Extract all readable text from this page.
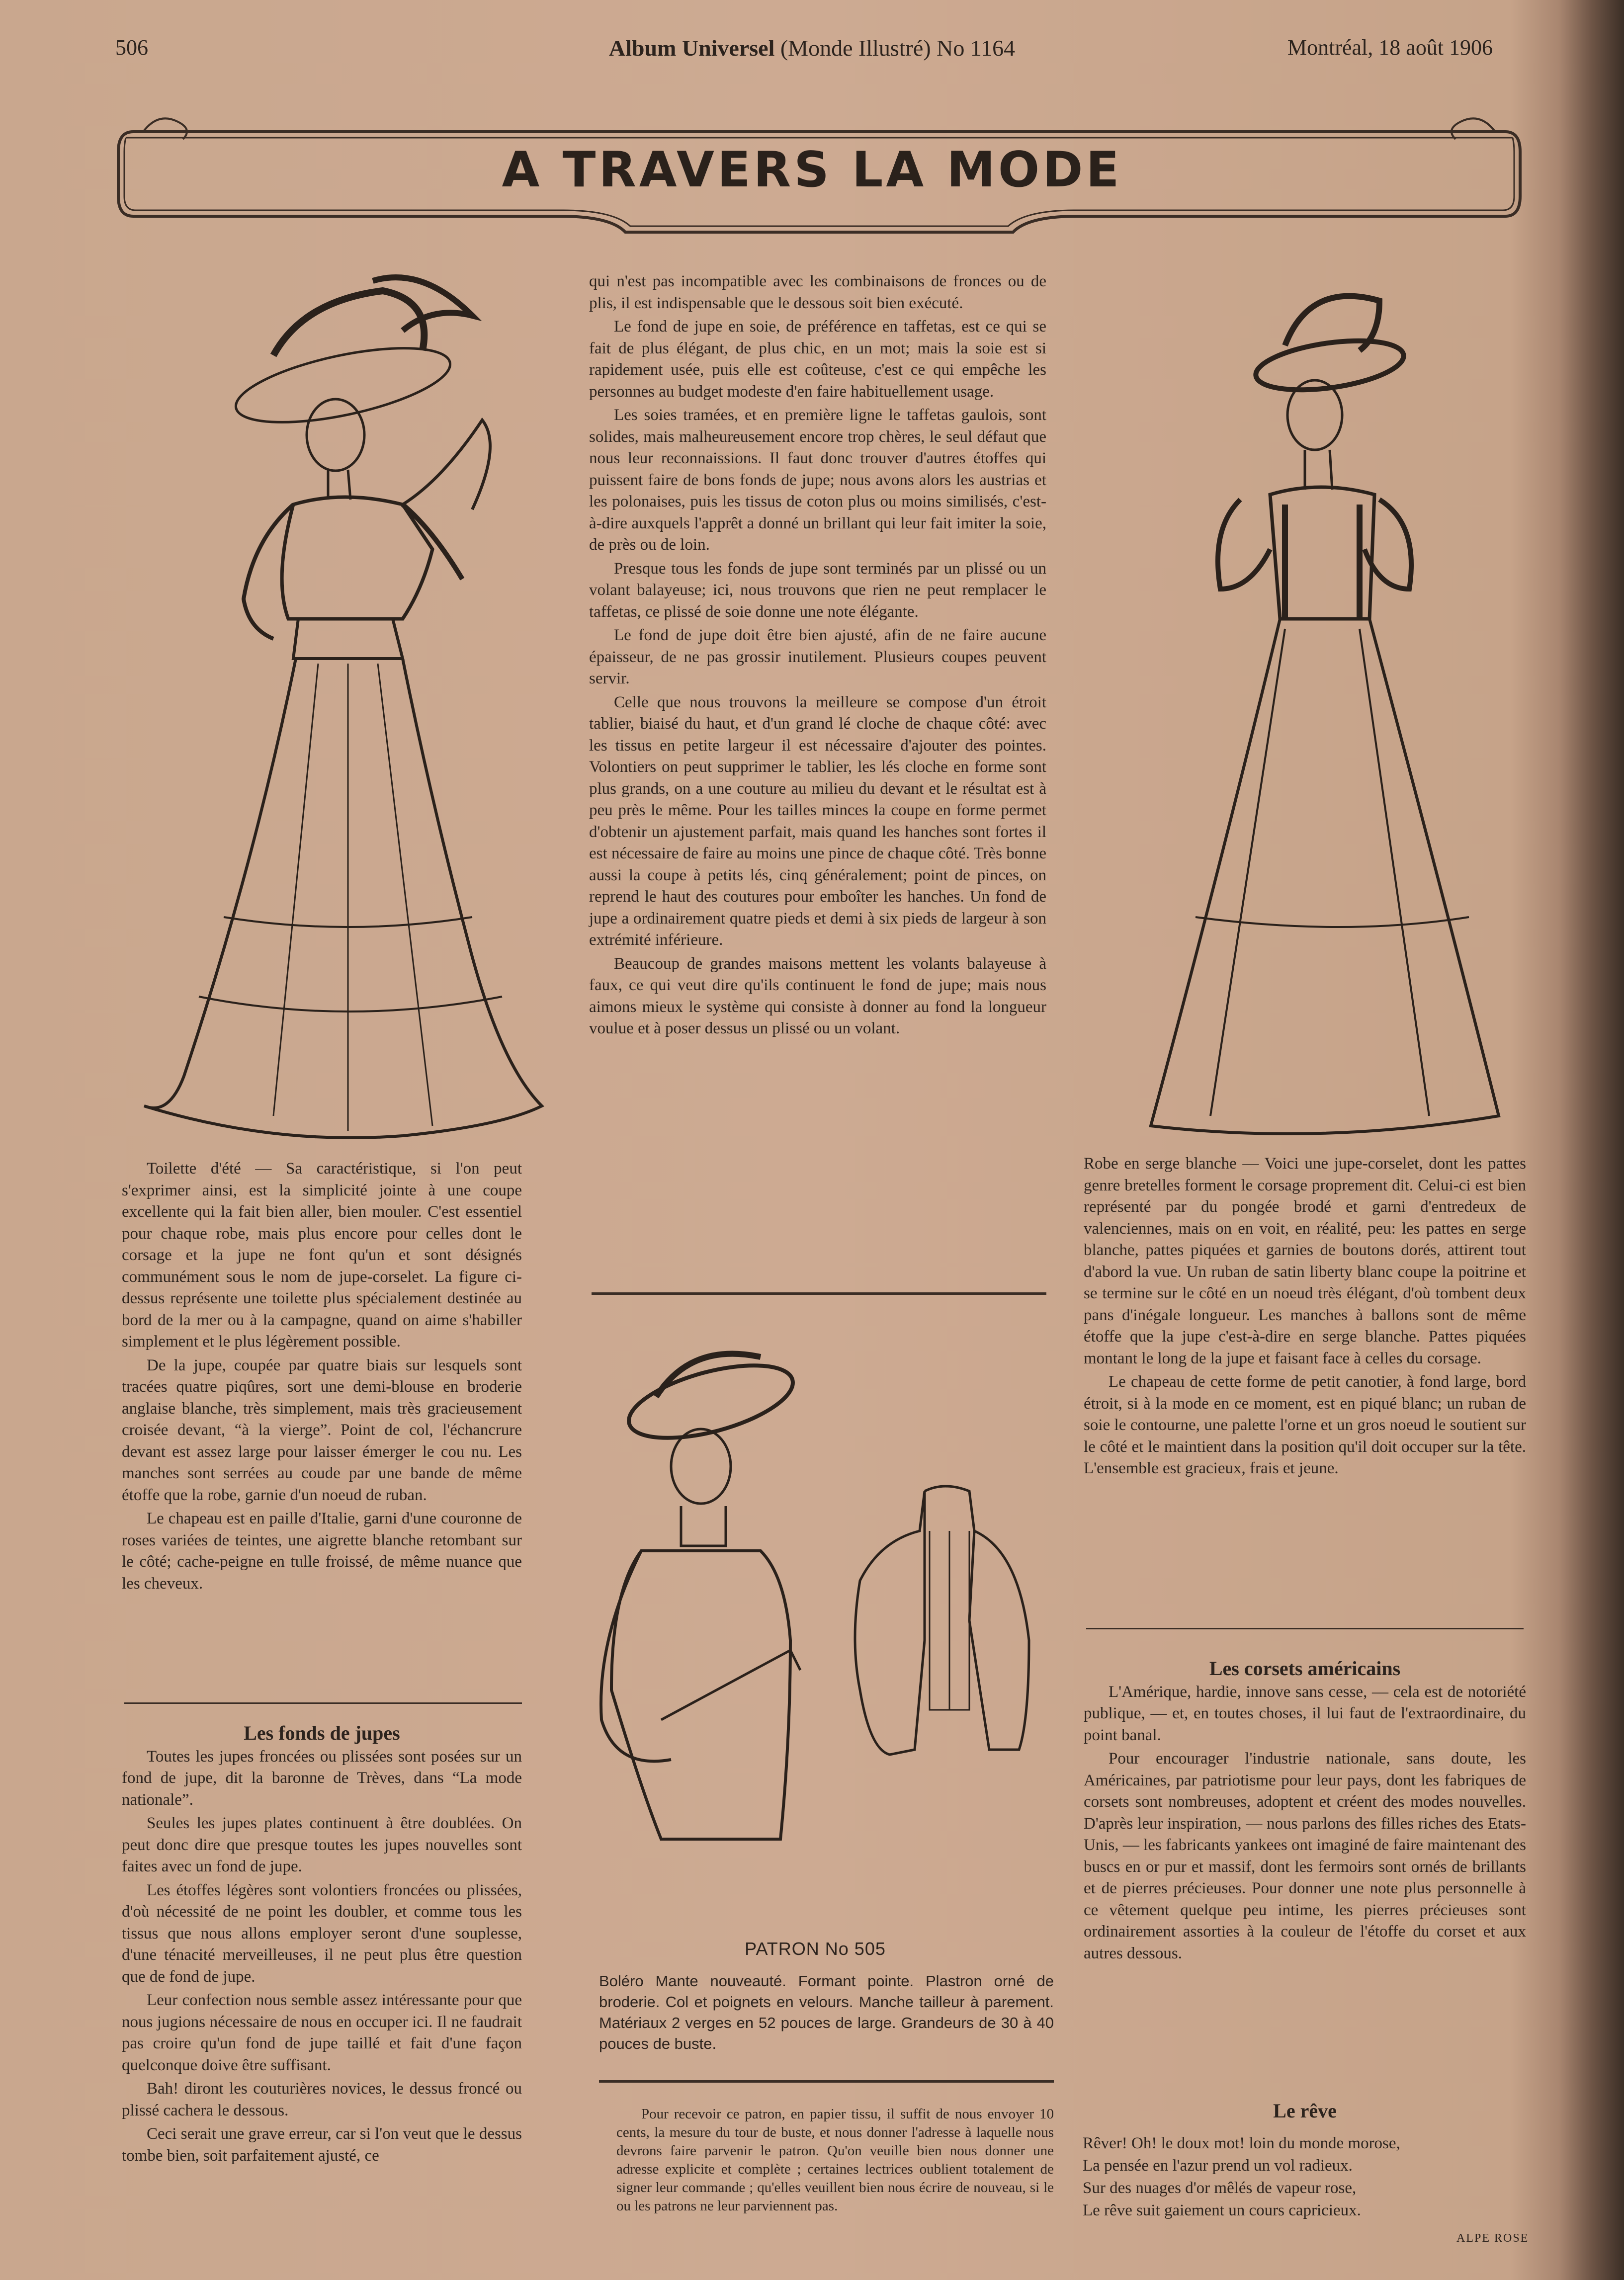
506	Album Universel (Monde Illustré) No 1164	Montréal, 18 août 1906
A TRAVERS LA MODE

Toilette d'été — Sa caractéristique, si l'on peut s'exprimer ainsi, est la simplicité jointe à une coupe excellente qui la fait bien aller, bien mouler. C'est essentiel pour chaque robe, mais plus encore pour celles dont le corsage et la jupe ne font qu'un et sont désignés communément sous le nom de jupe-corselet. La figure ci-dessus représente une toilette plus spécialement destinée au bord de la mer ou à la campagne, quand on aime s'habiller simplement et le plus légèrement possible.

De la jupe, coupée par quatre biais sur lesquels sont tracées quatre piqûres, sort une demi-blouse en broderie anglaise blanche, très simplement, mais très gracieusement croisée devant, “à la vierge”. Point de col, l'échancrure devant est assez large pour laisser émerger le cou nu. Les manches sont serrées au coude par une bande de même étoffe que la robe, garnie d'un noeud de ruban.

Le chapeau est en paille d'Italie, garni d'une couronne de roses variées de teintes, une aigrette blanche retombant sur le côté; cache-peigne en tulle froissé, de même nuance que les cheveux.

Les fonds de jupes

Toutes les jupes froncées ou plissées sont posées sur un fond de jupe, dit la baronne de Trèves, dans “La mode nationale”.

Seules les jupes plates continuent à être doublées. On peut donc dire que presque toutes les jupes nouvelles sont faites avec un fond de jupe.

Les étoffes légères sont volontiers froncées ou plissées, d'où nécessité de ne point les doubler, et comme tous les tissus que nous allons employer seront d'une souplesse, d'une ténacité merveilleuses, il ne peut plus être question que de fond de jupe.

Leur confection nous semble assez intéressante pour que nous jugions nécessaire de nous en occuper ici. Il ne faudrait pas croire qu'un fond de jupe taillé et fait d'une façon quelconque doive être suffisant.

Bah! diront les couturières novices, le dessus froncé ou plissé cachera le dessous.

Ceci serait une grave erreur, car si l'on veut que le dessus tombe bien, soit parfaitement ajusté, ce

qui n'est pas incompatible avec les combinaisons de fronces ou de plis, il est indispensable que le dessous soit bien exécuté.

Le fond de jupe en soie, de préférence en taffetas, est ce qui se fait de plus élégant, de plus chic, en un mot; mais la soie est si rapidement usée, puis elle est coûteuse, c'est ce qui empêche les personnes au budget modeste d'en faire habituellement usage.

Les soies tramées, et en première ligne le taffetas gaulois, sont solides, mais malheureusement encore trop chères, le seul défaut que nous leur reconnaissions. Il faut donc trouver d'autres étoffes qui puissent faire de bons fonds de jupe; nous avons alors les austrias et les polonaises, puis les tissus de coton plus ou moins similisés, c'est-à-dire auxquels l'apprêt a donné un brillant qui leur fait imiter la soie, de près ou de loin.

Presque tous les fonds de jupe sont terminés par un plissé ou un volant balayeuse; ici, nous trouvons que rien ne peut remplacer le taffetas, ce plissé de soie donne une note élégante.

Le fond de jupe doit être bien ajusté, afin de ne faire aucune épaisseur, de ne pas grossir inutilement. Plusieurs coupes peuvent servir.

Celle que nous trouvons la meilleure se compose d'un étroit tablier, biaisé du haut, et d'un grand lé cloche de chaque côté: avec les tissus en petite largeur il est nécessaire d'ajouter des pointes. Volontiers on peut supprimer le tablier, les lés cloche en forme sont plus grands, on a une couture au milieu du devant et le résultat est à peu près le même. Pour les tailles minces la coupe en forme permet d'obtenir un ajustement parfait, mais quand les hanches sont fortes il est nécessaire de faire au moins une pince de chaque côté. Très bonne aussi la coupe à petits lés, cinq généralement; point de pinces, on reprend le haut des coutures pour emboîter les hanches. Un fond de jupe a ordinairement quatre pieds et demi à six pieds de largeur à son extrémité inférieure.

Beaucoup de grandes maisons mettent les volants balayeuse à faux, ce qui veut dire qu'ils continuent le fond de jupe; mais nous aimons mieux le système qui consiste à donner au fond la longueur voulue et à poser dessus un plissé ou un volant.

PATRON No 505
Boléro Mante nouveauté. Formant pointe. Plastron orné de broderie. Col et poignets en velours. Manche tailleur à parement. Matériaux 2 verges en 52 pouces de large. Grandeurs de 30 à 40 pouces de buste.

Pour recevoir ce patron, en papier tissu, il suffit de nous envoyer 10 cents, la mesure du tour de buste, et nous donner l'adresse à laquelle nous devrons faire parvenir le patron. Qu'on veuille bien nous donner une adresse explicite et complète ; certaines lectrices oublient totalement de signer leur commande ; qu'elles veuillent bien nous écrire de nouveau, si le ou les patrons ne leur parviennent pas.

Robe en serge blanche — Voici une jupe-corselet, dont les pattes genre bretelles forment le corsage proprement dit. Celui-ci est bien représenté par du pongée brodé et garni d'entredeux de valenciennes, mais on en voit, en réalité, peu: les pattes en serge blanche, pattes piquées et garnies de boutons dorés, attirent tout d'abord la vue. Un ruban de satin liberty blanc coupe la poitrine et se termine sur le côté en un noeud très élégant, d'où tombent deux pans d'inégale longueur. Les manches à ballons sont de même étoffe que la jupe c'est-à-dire en serge blanche. Pattes piquées montant le long de la jupe et faisant face à celles du corsage.

Le chapeau de cette forme de petit canotier, à fond large, bord étroit, si à la mode en ce moment, est en piqué blanc; un ruban de soie le contourne, une palette l'orne et un gros noeud le soutient sur le côté et le maintient dans la position qu'il doit occuper sur la tête. L'ensemble est gracieux, frais et jeune.

Les corsets américains

L'Amérique, hardie, innove sans cesse, — cela est de notoriété publique, — et, en toutes choses, il lui faut de l'extraordinaire, du point banal.

Pour encourager l'industrie nationale, sans doute, les Américaines, par patriotisme pour leur pays, dont les fabriques de corsets sont nombreuses, adoptent et créent des modes nouvelles. D'après leur inspiration, — nous parlons des filles riches des Etats-Unis, — les fabricants yankees ont imaginé de faire maintenant des buscs en or pur et massif, dont les fermoirs sont ornés de brillants et de pierres précieuses. Pour donner une note plus personnelle à ce vêtement quelque peu intime, les pierres précieuses sont ordinairement assorties à la couleur de l'étoffe du corset et aux autres dessous.

Le rêve

Rêver! Oh! le doux mot! loin du monde morose,
La pensée en l'azur prend un vol radieux.
Sur des nuages d'or mêlés de vapeur rose,
Le rêve suit gaiement un cours capricieux.
ALPE ROSE
